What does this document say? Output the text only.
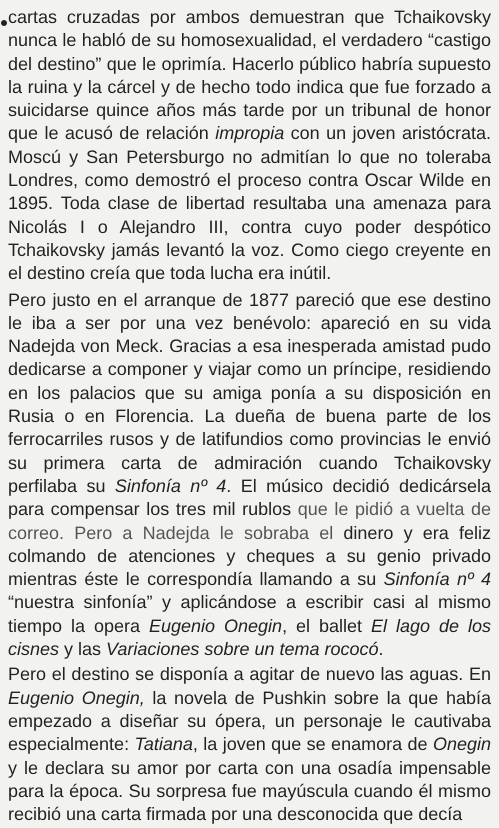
cartas cruzadas por ambos demuestran que Tchaikovsky nunca le habló de su homosexualidad, el verdadero “castigo del destino” que le oprimía. Hacerlo público habría supuesto la ruina y la cárcel y de hecho todo indica que fue forzado a suicidarse quince años más tarde por un tribunal de honor que le acusó de relación impropia con un joven aristócrata. Moscú y San Petersburgo no admitían lo que no toleraba Londres, como demostró el proceso contra Oscar Wilde en 1895. Toda clase de libertad resultaba una amenaza para Nicolás I o Alejandro III, contra cuyo poder despótico Tchaikovsky jamás levantó la voz. Como ciego creyente en el destino creía que toda lucha era inútil.

Pero justo en el arranque de 1877 pareció que ese destino le iba a ser por una vez benévolo: apareció en su vida Nadejda von Meck. Gracias a esa inesperada amistad pudo dedicarse a componer y viajar como un príncipe, residiendo en los palacios que su amiga ponía a su disposición en Rusia o en Florencia. La dueña de buena parte de los ferrocarriles rusos y de latifundios como provincias le envió su primera carta de admiración cuando Tchaikovsky perfilaba su Sinfonía nº 4. El músico decidió dedicársela para compensar los tres mil rublos que le pidió a vuelta de correo. Pero a Nadejda le sobraba el dinero y era feliz colmando de atenciones y cheques a su genio privado mientras éste le correspondía llamando a su Sinfonía nº 4 “nuestra sinfonía” y aplicándose a escribir casi al mismo tiempo la opera Eugenio Onegin, el ballet El lago de los cisnes y las Variaciones sobre un tema rococó.

Pero el destino se disponía a agitar de nuevo las aguas. En Eugenio Onegin, la novela de Pushkin sobre la que había empezado a diseñar su ópera, un personaje le cautivaba especialmente: Tatiana, la joven que se enamora de Onegin y le declara su amor por carta con una osadía impensable para la época. Su sorpresa fue mayúscula cuando él mismo recibió una carta firmada por una desconocida que decía
